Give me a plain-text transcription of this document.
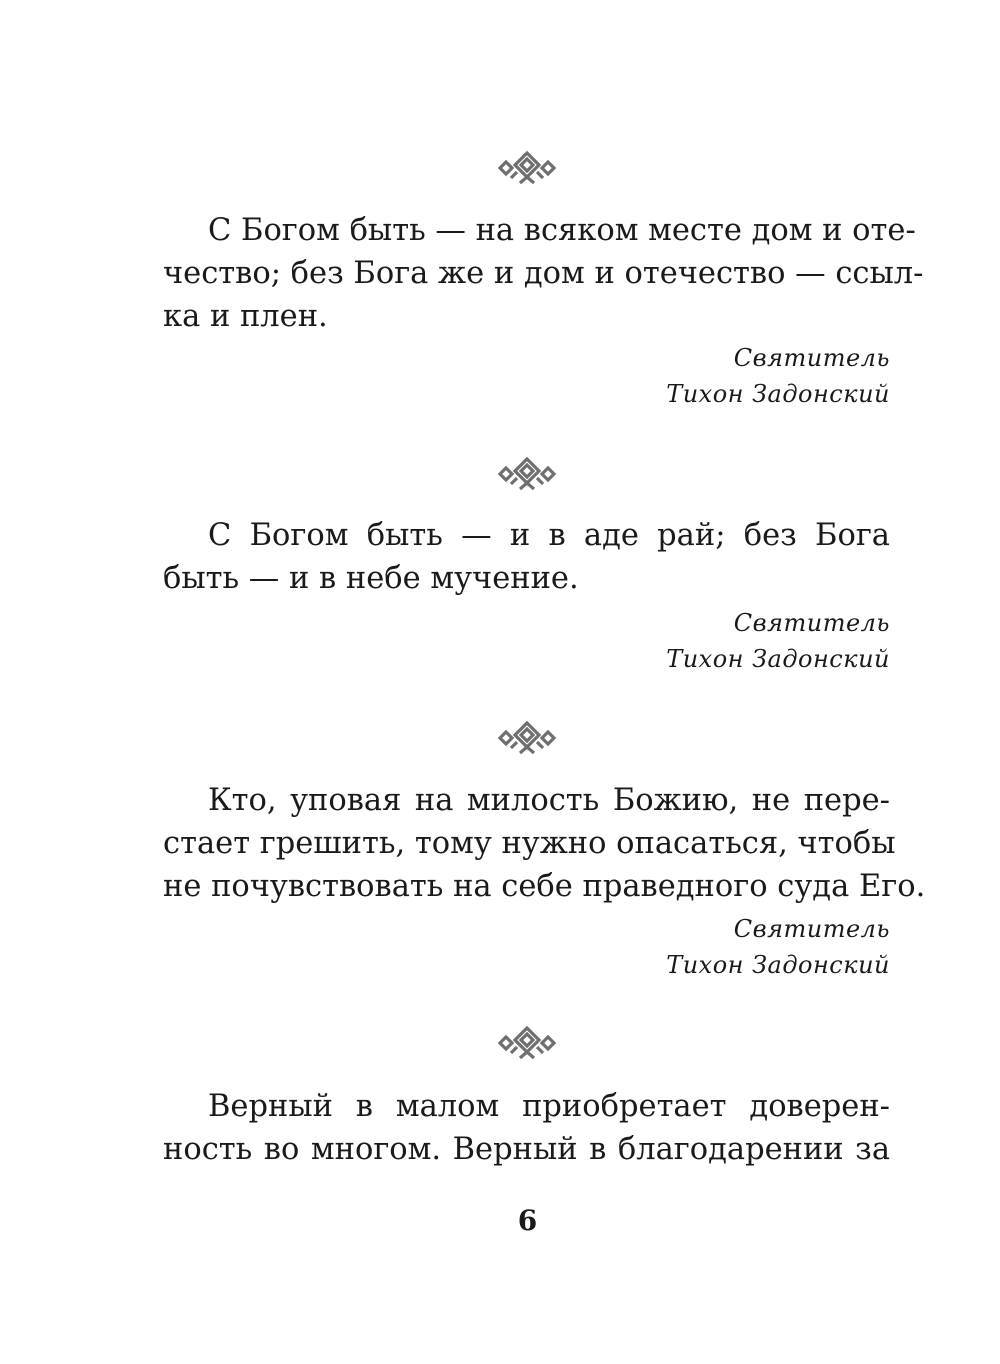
С Богом быть — на всяком месте дом и оте-
чество; без Бога же и дом и отечество — ссыл-
ка и плен.
Святитель
Тихон Задонский
С Богом быть — и в аде рай; без Бога
быть — и в небе мучение.
Святитель
Тихон Задонский
Кто, уповая на милость Божию, не пере-
стает грешить, тому нужно опасаться, чтобы
не почувствовать на себе праведного суда Его.
Святитель
Тихон Задонский
Верный в малом приобретает доверен-
ность во многом. Верный в благодарении за
6
